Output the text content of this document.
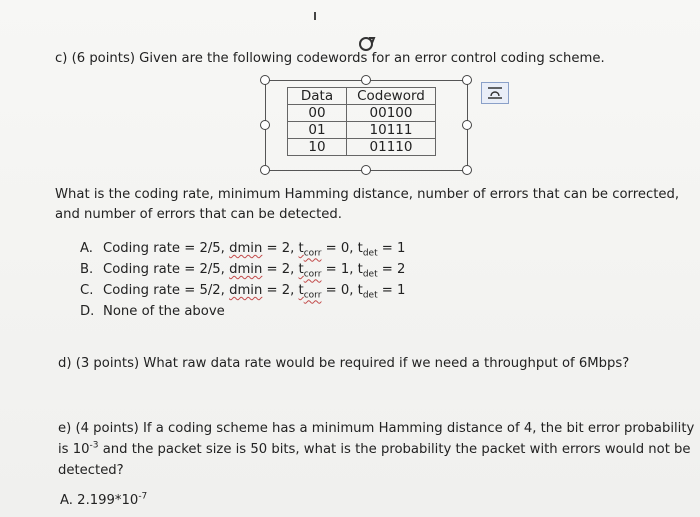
c) (6 points) Given are the following codewords for an error control coding scheme.
Data	Codeword
00	00100
01	10111
10	01110
What is the coding rate, minimum Hamming distance, number of errors that can be corrected, and number of errors that can be detected.
A. Coding rate = 2/5, dmin = 2, $t_{corr} = 0$, $t_{det} = 1$
B. Coding rate = 2/5, dmin = 2, $t_{corr} = 1$, $t_{det} = 2$
C. Coding rate = 5/2, dmin = 2, $t_{corr} = 0$, $t_{det} = 1$
D. None of the above
d) (3 points) What raw data rate would be required if we need a throughput of 6Mbps?
e) (4 points) If a coding scheme has a minimum Hamming distance of 4, the bit error probability
is $10^{-3}$ and the packet size is 50 bits, what is the probability the packet with errors would not be
detected?
A. $2.199*10^{-7}$
